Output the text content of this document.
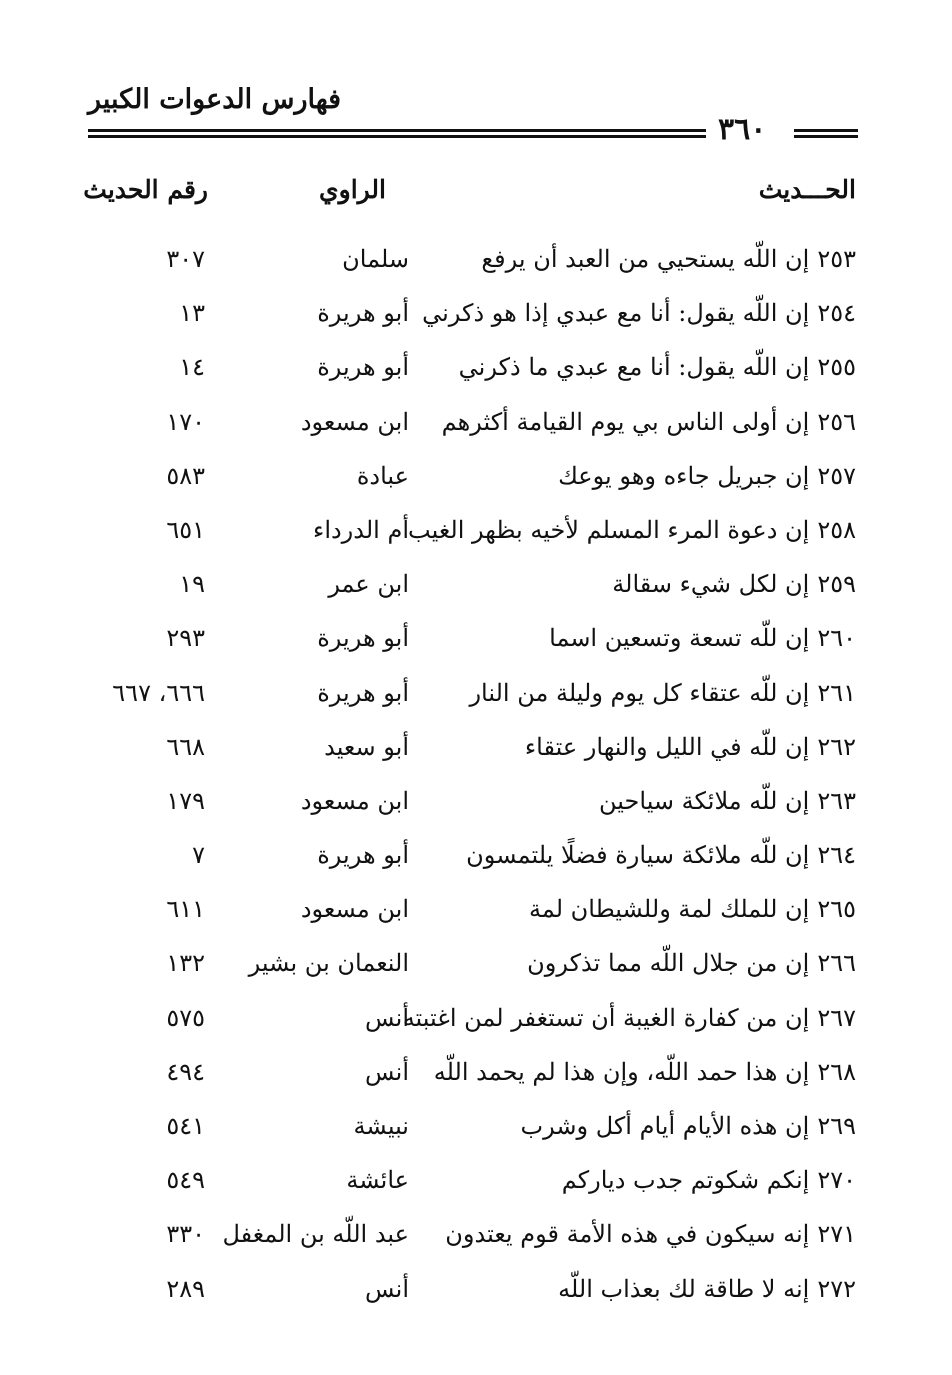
فهارس الدعوات الكبير
٣٦٠
الحـــديث
الراوي
رقم الحديث
٢٥٣إن اللّه يستحيي من العبد أن يرفع
سلمان
٣٠٧
٢٥٤إن اللّه يقول: أنا مع عبدي إذا هو ذكرني
أبو هريرة
١٣
٢٥٥إن اللّه يقول: أنا مع عبدي ما ذكرني
أبو هريرة
١٤
٢٥٦إن أولى الناس بي يوم القيامة أكثرهم
ابن مسعود
١٧٠
٢٥٧إن جبريل جاءه وهو يوعك
عبادة
٥٨٣
٢٥٨إن دعوة المرء المسلم لأخيه بظهر الغيب
أم الدرداء
٦٥١
٢٥٩إن لكل شيء سقالة
ابن عمر
١٩
٢٦٠إن للّه تسعة وتسعين اسما
أبو هريرة
٢٩٣
٢٦١إن للّه عتقاء كل يوم وليلة من النار
أبو هريرة
٦٦٦، ٦٦٧
٢٦٢إن للّه في الليل والنهار عتقاء
أبو سعيد
٦٦٨
٢٦٣إن للّه ملائكة سياحين
ابن مسعود
١٧٩
٢٦٤إن للّه ملائكة سيارة فضلًا يلتمسون
أبو هريرة
٧
٢٦٥إن للملك لمة وللشيطان لمة
ابن مسعود
٦١١
٢٦٦إن من جلال اللّه مما تذكرون
النعمان بن بشير
١٣٢
٢٦٧إن من كفارة الغيبة أن تستغفر لمن اغتبته
أنس
٥٧٥
٢٦٨إن هذا حمد اللّه، وإن هذا لم يحمد اللّه
أنس
٤٩٤
٢٦٩إن هذه الأيام أيام أكل وشرب
نبيشة
٥٤١
٢٧٠إنكم شكوتم جدب دياركم
عائشة
٥٤٩
٢٧١إنه سيكون في هذه الأمة قوم يعتدون
عبد اللّه بن المغفل
٣٣٠
٢٧٢إنه لا طاقة لك بعذاب اللّه
أنس
٢٨٩
